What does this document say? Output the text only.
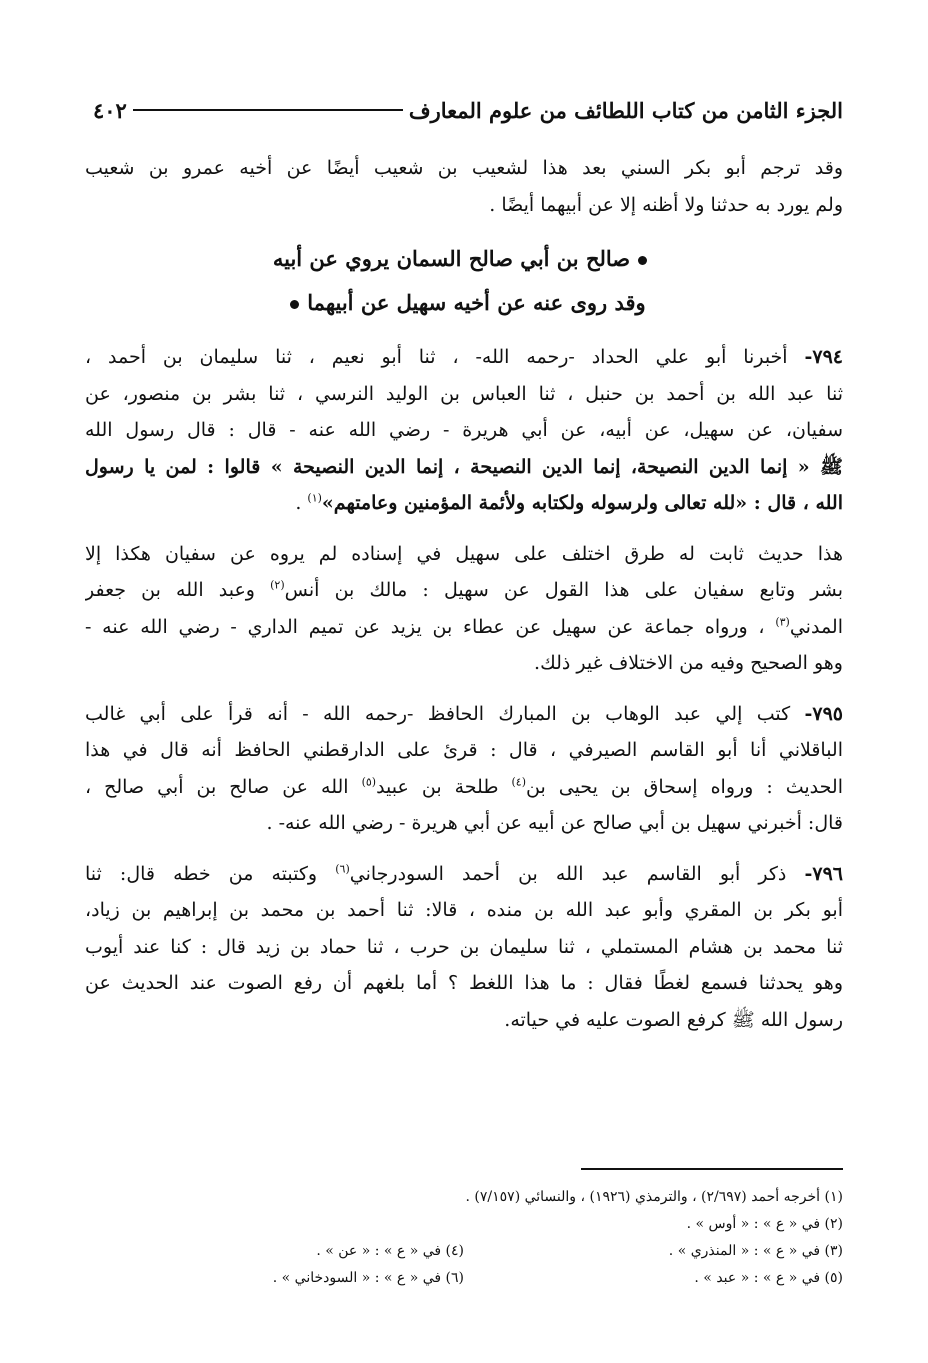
٤٠٢	الجزء الثامن من كتاب اللطائف من علوم المعارف
وقد ترجم أبو بكر السني بعد هذا لشعيب بن شعيب أيضًا عن أخيه عمرو بن شعيب
ولم يورد به حدثنا ولا أظنه إلا عن أبيهما أيضًا .
صالح بن أبي صالح السمان يروي عن أبيه
وقد روى عنه عن أخيه سهيل عن أبيهما
٧٩٤- أخبرنا أبو علي الحداد -رحمه الله- ، ثنا أبو نعيم ، ثنا سليمان بن أحمد ،
ثنا عبد الله بن أحمد بن حنبل ، ثنا العباس بن الوليد النرسي ، ثنا بشر بن منصور، عن
سفيان، عن سهيل، عن أبيه، عن أبي هريرة - رضي الله عنه - قال : قال رسول الله
ﷺ « إنما الدين النصيحة، إنما الدين النصيحة ، إنما الدين النصيحة » قالوا : لمن يا رسول
الله ، قال : «لله تعالى ولرسوله ولكتابه ولأئمة المؤمنين وعامتهم»$^{(١)}$ .
هذا حديث ثابت له طرق اختلف على سهيل في إسناده لم يروه عن سفيان هكذا إلا
بشر وتابع سفيان على هذا القول عن سهيل : مالك بن أنس$^{(٢)}$ وعبد الله بن جعفر
المدني$^{(٣)}$ ، ورواه جماعة عن سهيل عن عطاء بن يزيد عن تميم الداري - رضي الله عنه -
وهو الصحيح وفيه من الاختلاف غير ذلك.
٧٩٥- كتب إلي عبد الوهاب بن المبارك الحافظ -رحمه الله - أنه قرأ على أبي غالب
الباقلاني أنا أبو القاسم الصيرفي ، قال : قرئ على الدارقطني الحافظ أنه قال في هذا
الحديث : ورواه إسحاق بن يحيى بن$^{(٤)}$ طلحة بن عبيد$^{(٥)}$ الله عن صالح بن أبي صالح ،
قال: أخبرني سهيل بن أبي صالح عن أبيه عن أبي هريرة - رضي الله عنه- .
٧٩٦- ذكر أبو القاسم عبد الله بن أحمد السودرجاني$^{(٦)}$ وكتبته من خطه قال: ثنا
أبو بكر بن المقري وأبو عبد الله بن منده ، قالا: ثنا أحمد بن محمد بن إبراهيم بن زياد،
ثنا محمد بن هشام المستملي ، ثنا سليمان بن حرب ، ثنا حماد بن زيد قال : كنا عند أيوب
وهو يحدثنا فسمع لغطًا فقال : ما هذا اللغط ؟ أما بلغهم أن رفع الصوت عند الحديث عن
رسول الله ﷺ كرفع الصوت عليه في حياته.
(١) أخرجه أحمد (٢/٦٩٧) ، والترمذي (١٩٢٦) ، والنسائي (٧/١٥٧) .
(٢) في « ع » : « أوس » .
(٣) في « ع » : « المنذري » .
(٤) في « ع » : « عن » .
(٥) في « ع » : « عبد » .
(٦) في « ع » : « السودخاني » .
